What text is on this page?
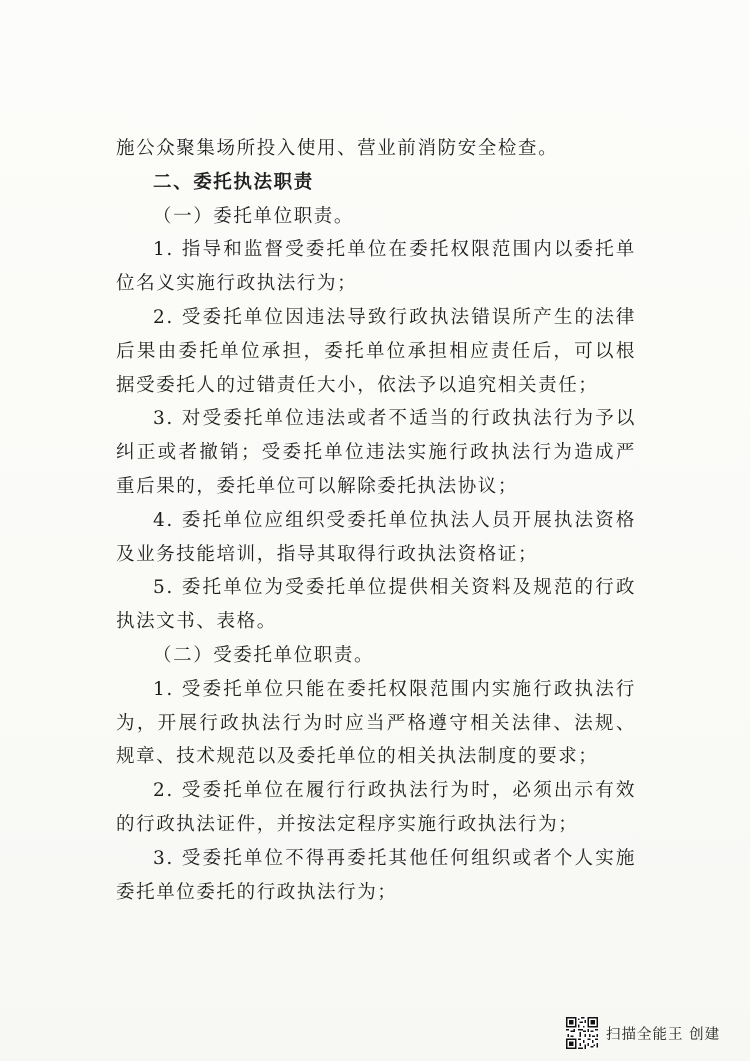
施公众聚集场所投入使用、营业前消防安全检查。

二、委托执法职责

（一）委托单位职责。

1. 指导和监督受委托单位在委托权限范围内以委托单位名义实施行政执法行为；

2. 受委托单位因违法导致行政执法错误所产生的法律后果由委托单位承担，委托单位承担相应责任后，可以根据受委托人的过错责任大小，依法予以追究相关责任；

3. 对受委托单位违法或者不适当的行政执法行为予以纠正或者撤销；受委托单位违法实施行政执法行为造成严重后果的，委托单位可以解除委托执法协议；

4. 委托单位应组织受委托单位执法人员开展执法资格及业务技能培训，指导其取得行政执法资格证；

5. 委托单位为受委托单位提供相关资料及规范的行政执法文书、表格。

（二）受委托单位职责。

1. 受委托单位只能在委托权限范围内实施行政执法行为，开展行政执法行为时应当严格遵守相关法律、法规、规章、技术规范以及委托单位的相关执法制度的要求；

2. 受委托单位在履行行政执法行为时，必须出示有效的行政执法证件，并按法定程序实施行政执法行为；

3. 受委托单位不得再委托其他任何组织或者个人实施委托单位委托的行政执法行为；

扫描全能王 创建
